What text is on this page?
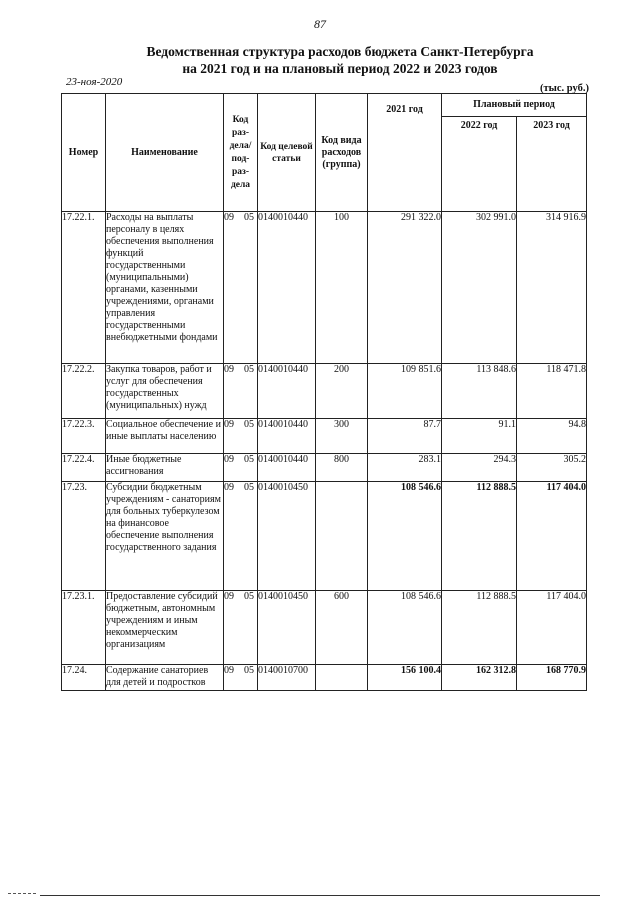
87
Ведомственная структура расходов бюджета Санкт-Петербурга
на 2021 год и на плановый период 2022 и 2023 годов
23-ноя-2020
(тыс. руб.)
Номер	Наименование	Код раз-дела/ под-раз-дела	Код целевой статьи	Код вида расходов (группа)	2021 год	Плановый период	
						2022 год	2023 год
17.22.1.	Расходы на выплаты персоналу в целях обеспечения выполнения функций государственными (муниципальными) органами, казенными учреждениями, органами управления государственными внебюджетными фондами	09 05	0140010440	100	291 322.0	302 991.0	314 916.9
17.22.2.	Закупка товаров, работ и услуг для обеспечения государственных (муниципальных) нужд	09 05	0140010440	200	109 851.6	113 848.6	118 471.8
17.22.3.	Социальное обеспечение и иные выплаты населению	09 05	0140010440	300	87.7	91.1	94.8
17.22.4.	Иные бюджетные ассигнования	09 05	0140010440	800	283.1	294.3	305.2
17.23.	Субсидии бюджетным учреждениям - санаториям для больных туберкулезом на финансовое обеспечение выполнения государственного задания	09 05	0140010450		108 546.6	112 888.5	117 404.0
17.23.1.	Предоставление субсидий бюджетным, автономным учреждениям и иным некоммерческим организациям	09 05	0140010450	600	108 546.6	112 888.5	117 404.0
17.24.	Содержание санаториев для детей и подростков	09 05	0140010700		156 100.4	162 312.8	168 770.9
